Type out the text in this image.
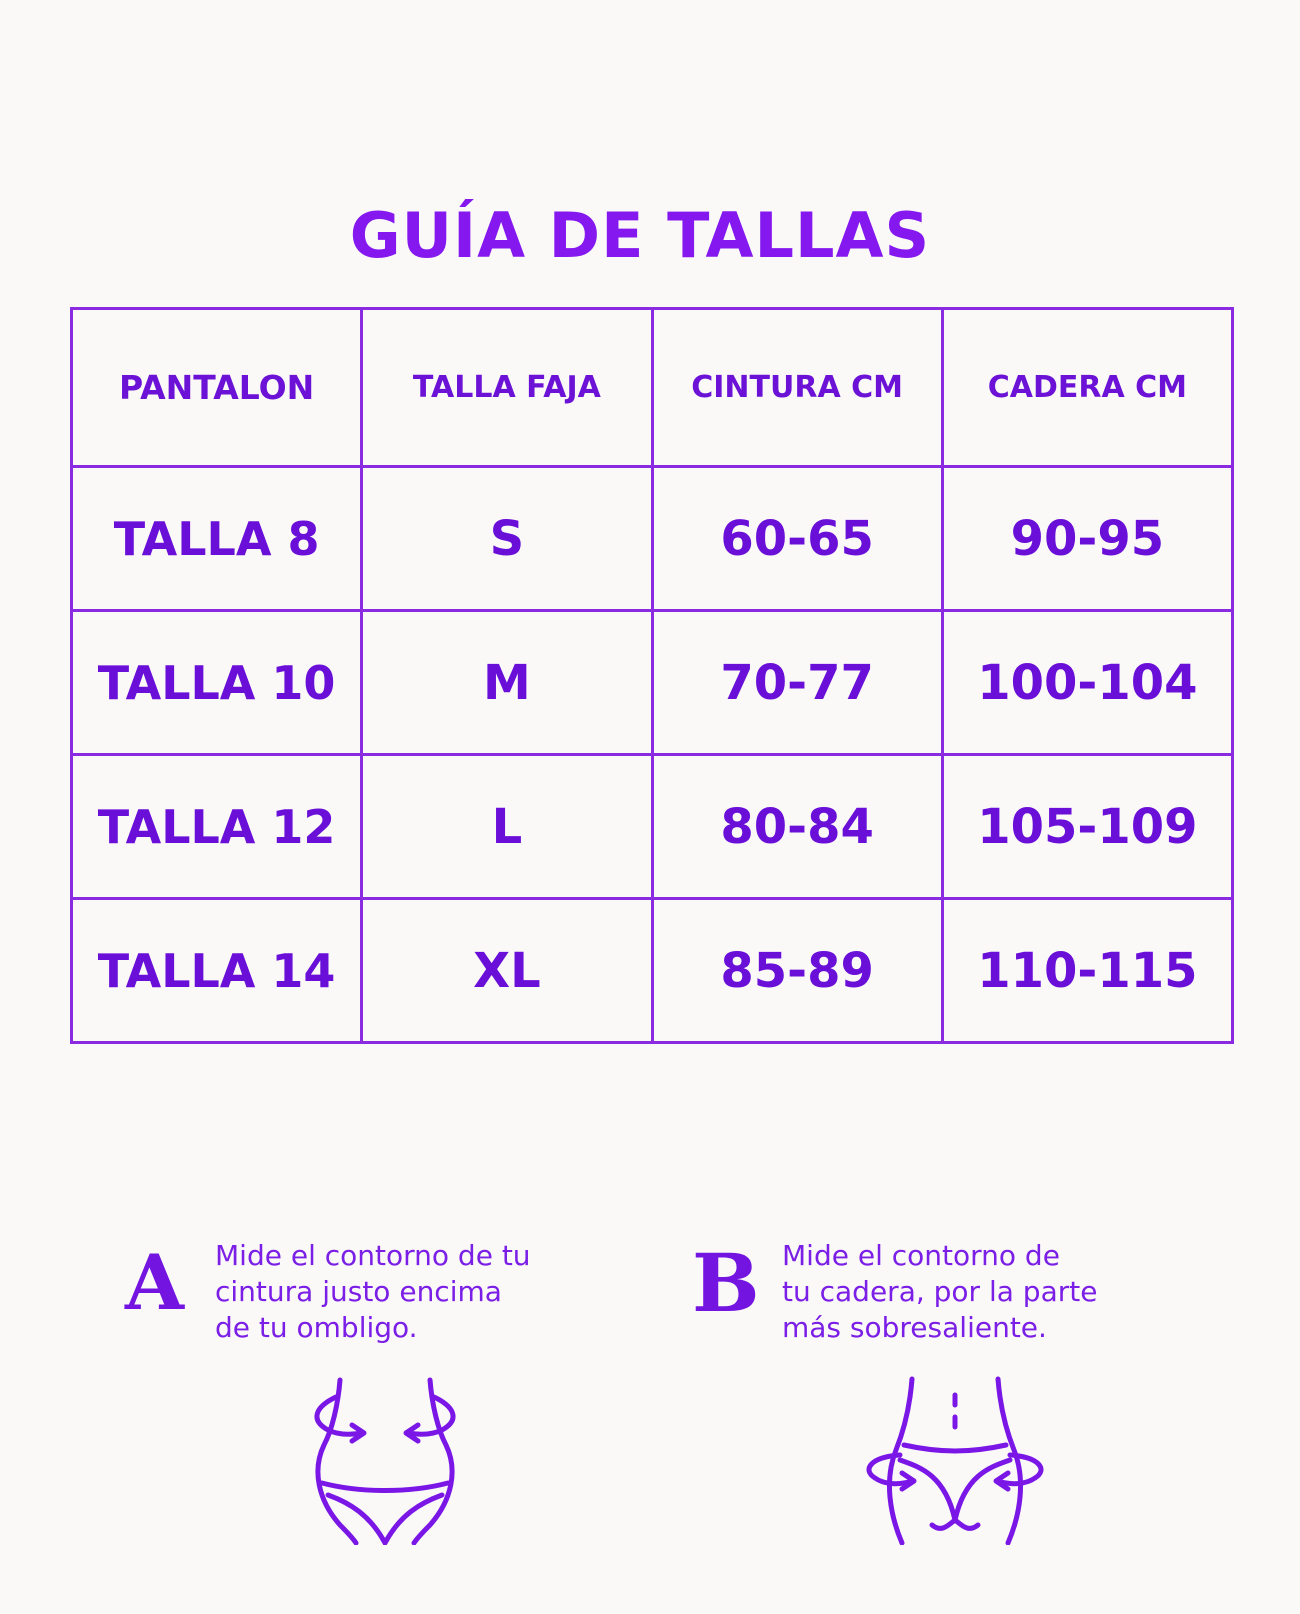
GUÍA DE TALLAS
PANTALON	TALLA FAJA	CINTURA CM	CADERA CM
TALLA 8	S	60-65	90-95
TALLA 10	M	70-77	100-104
TALLA 12	L	80-84	105-109
TALLA 14	XL	85-89	110-115
A Mide el contorno de tu
cintura justo encima
de tu ombligo.	B Mide el contorno de
tu cadera, por la parte
más sobresaliente.
